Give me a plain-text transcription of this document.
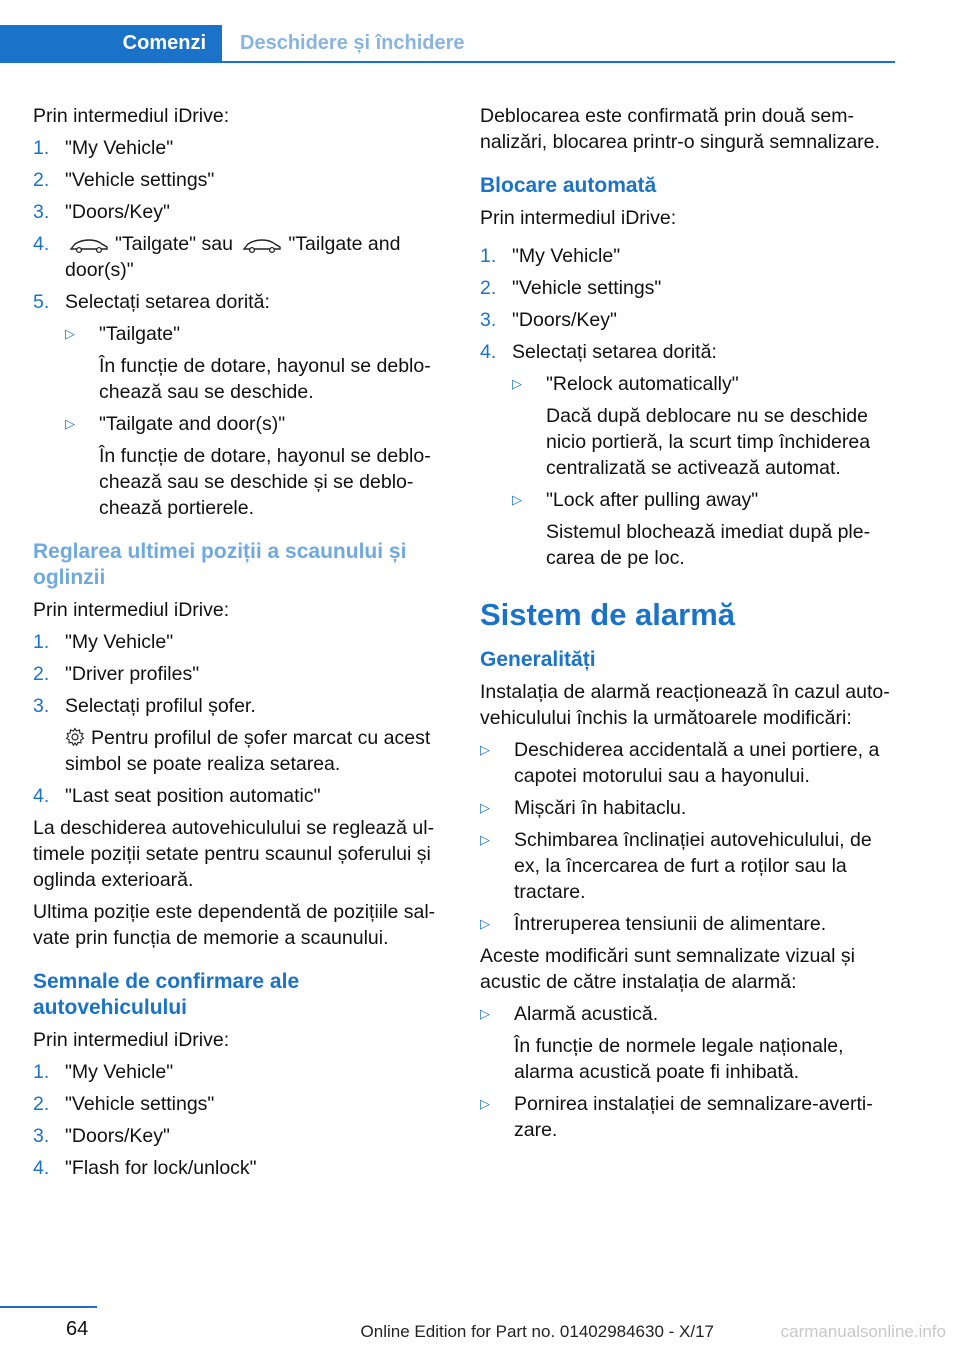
Comenzi	Deschidere și închidere

Prin intermediul iDrive:

1. "My Vehicle"
2. "Vehicle settings"
3. "Doors/Key"
4.	"Tailgate" sau	"Tailgate and door(s)"
5. Selectați setarea dorită:
▷ "Tailgate"

În funcție de dotare, hayonul se deblochează sau se deschide.

▷ "Tailgate and door(s)"

În funcție de dotare, hayonul se deblochează sau se deschide și se deblochează portierele.

Reglarea ultimei poziții a scaunului și oglinzii

Prin intermediul iDrive:

1. "My Vehicle"
2. "Driver profiles"
3. Selectați profilul șofer.

Pentru profilul de șofer marcat cu acest simbol se poate realiza setarea.

4. "Last seat position automatic"

La deschiderea autovehiculului se reglează ultimele poziții setate pentru scaunul șoferului și oglinda exterioară.

Ultima poziție este dependentă de pozițiile salvate prin funcția de memorie a scaunului.

Semnale de confirmare ale autovehiculului

Prin intermediul iDrive:

1. "My Vehicle"
2. "Vehicle settings"
3. "Doors/Key"
4. "Flash for lock/unlock"

Deblocarea este confirmată prin două semnalizări, blocarea printr-o singură semnalizare.

Blocare automată

Prin intermediul iDrive:

1. "My Vehicle"
2. "Vehicle settings"
3. "Doors/Key"
4. Selectați setarea dorită:
▷ "Relock automatically"

Dacă după deblocare nu se deschide nicio portieră, la scurt timp închiderea centralizată se activează automat.

▷ "Lock after pulling away"

Sistemul blochează imediat după plecarea de pe loc.

Sistem de alarmă
Generalități

Instalația de alarmă reacționează în cazul autovehiculului închis la următoarele modificări:

▷ Deschiderea accidentală a unei portiere, a capotei motorului sau a hayonului.
▷ Mișcări în habitaclu.
▷ Schimbarea înclinației autovehiculului, de ex, la încercarea de furt a roților sau la tractare.
▷ Întreruperea tensiunii de alimentare.

Aceste modificări sunt semnalizate vizual și acustic de către instalația de alarmă:

▷ Alarmă acustică.

În funcție de normele legale naționale, alarma acustică poate fi inhibată.

▷ Pornirea instalației de semnalizare-avertizare.
64	Online Edition for Part no. 01402984630 - X/17	carmanualsonline.info
